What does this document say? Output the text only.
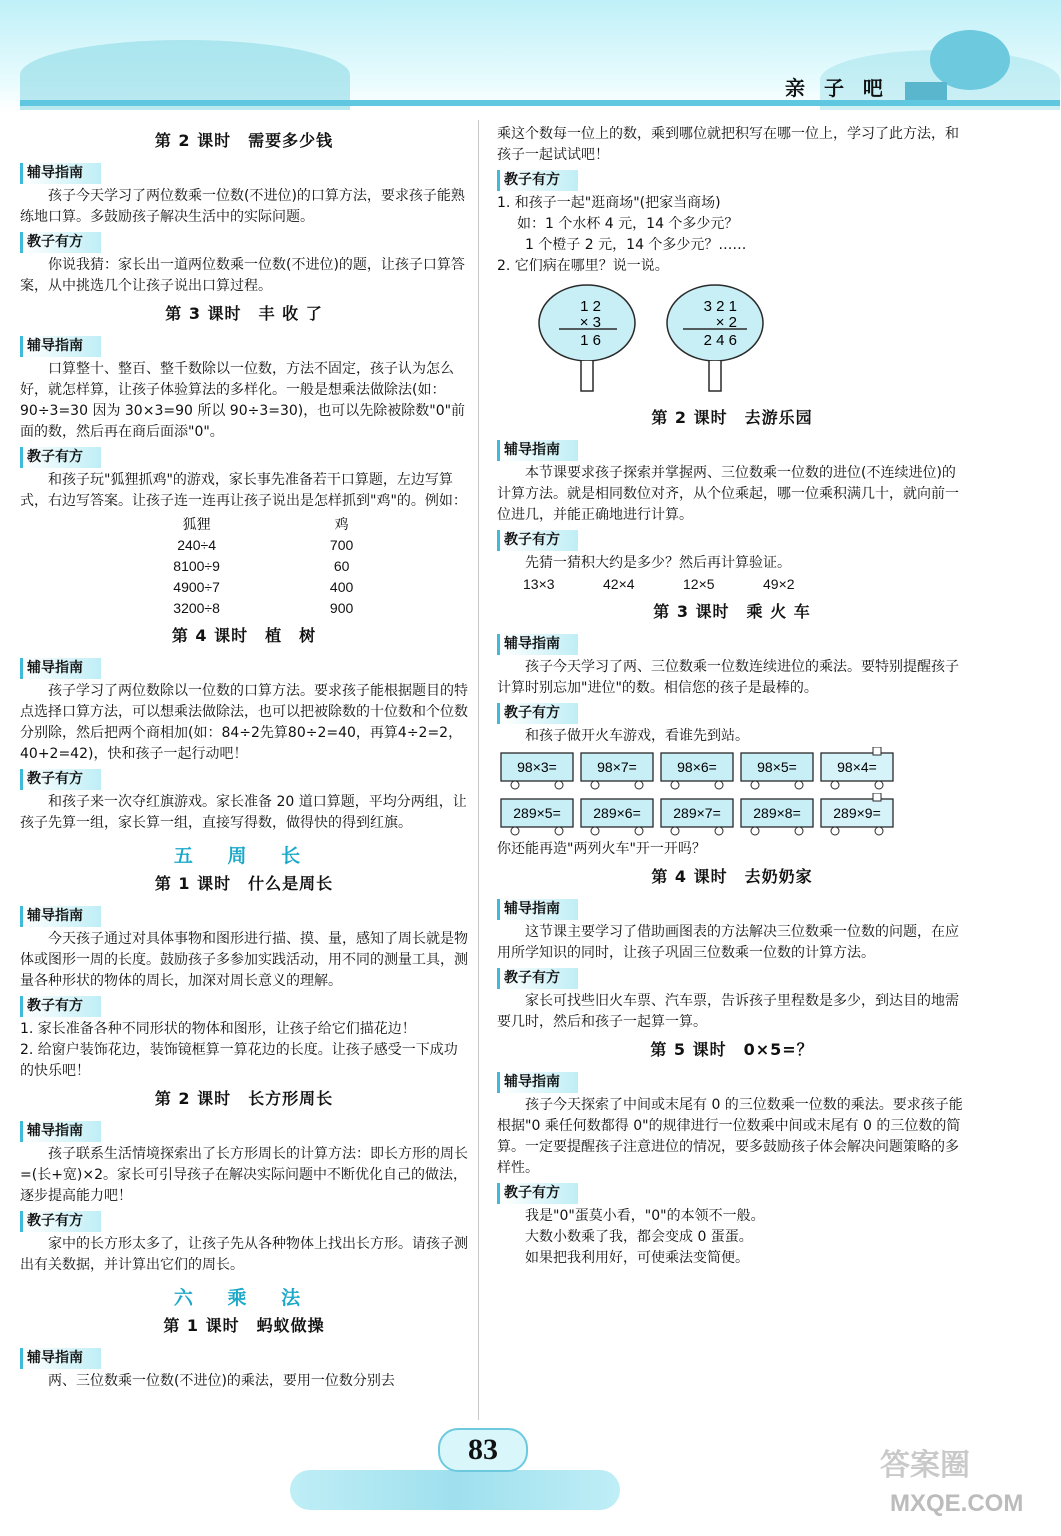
亲 子 吧
第 2 课时　需要多少钱
辅导指南

孩子今天学习了两位数乘一位数(不进位)的口算方法，要求孩子能熟练地口算。多鼓励孩子解决生活中的实际问题。

教子有方

你说我猜：家长出一道两位数乘一位数(不进位)的题，让孩子口算答案，从中挑选几个让孩子说出口算过程。

第 3 课时　丰 收 了
辅导指南

口算整十、整百、整千数除以一位数，方法不固定，孩子认为怎么好，就怎样算，让孩子体验算法的多样化。一般是想乘法做除法(如：90÷3=30 因为 30×3=90 所以 90÷3=30)，也可以先除被除数"0"前面的数，然后再在商后面添"0"。

教子有方

和孩子玩"狐狸抓鸡"的游戏，家长事先准备若干口算题，左边写算式，右边写答案。让孩子连一连再让孩子说出是怎样抓到"鸡"的。例如：

狐狸	鸡
240÷4	700
8100÷9	60
4900÷7	400
3200÷8	900
第 4 课时　植　树
辅导指南

孩子学习了两位数除以一位数的口算方法。要求孩子能根据题目的特点选择口算方法，可以想乘法做除法，也可以把被除数的十位数和个位数分别除，然后把两个商相加(如：84÷2先算80÷2=40，再算4÷2=2，40+2=42)，快和孩子一起行动吧！

教子有方

和孩子来一次夺红旗游戏。家长准备 20 道口算题，平均分两组，让孩子先算一组，家长算一组，直接写得数，做得快的得到红旗。

五 周 长
第 1 课时　什么是周长
辅导指南

今天孩子通过对具体事物和图形进行描、摸、量，感知了周长就是物体或图形一周的长度。鼓励孩子多参加实践活动，用不同的测量工具，测量各种形状的物体的周长，加深对周长意义的理解。

教子有方

1. 家长准备各种不同形状的物体和图形，让孩子给它们描花边！

2. 给窗户装饰花边，装饰镜框算一算花边的长度。让孩子感受一下成功的快乐吧！

第 2 课时　长方形周长
辅导指南

孩子联系生活情境探索出了长方形周长的计算方法：即长方形的周长=(长+宽)×2。家长可引导孩子在解决实际问题中不断优化自己的做法，逐步提高能力吧！

教子有方

家中的长方形太多了，让孩子先从各种物体上找出长方形。请孩子测出有关数据，并计算出它们的周长。

六 乘 法
第 1 课时　蚂蚁做操
辅导指南

两、三位数乘一位数(不进位)的乘法，要用一位数分别去

乘这个数每一位上的数，乘到哪位就把积写在哪一位上，学习了此方法，和孩子一起试试吧！

教子有方

1. 和孩子一起"逛商场"(把家当商场)

如：1 个水杯 4 元，14 个多少元？

1 个橙子 2 元，14 个多少元？……

2. 它们病在哪里？说一说。

1 2
× 3
1 6
3 2 1
× 2
2 4 6
第 2 课时　去游乐园
辅导指南

本节课要求孩子探索并掌握两、三位数乘一位数的进位(不连续进位)的计算方法。就是相同数位对齐，从个位乘起，哪一位乘积满几十，就向前一位进几，并能正确地进行计算。

教子有方

先猜一猜积大约是多少？然后再计算验证。

13×3	42×4	12×5	49×2
第 3 课时　乘 火 车
辅导指南

孩子今天学习了两、三位数乘一位数连续进位的乘法。要特别提醒孩子计算时别忘加"进位"的数。相信您的孩子是最棒的。

教子有方

和孩子做开火车游戏，看谁先到站。

98×3=	98×7=	98×6=	98×5=	98×4=
289×5= 289×6= 289×7= 289×8= 289×9=

你还能再造"两列火车"开一开吗？

第 4 课时　去奶奶家
辅导指南

这节课主要学习了借助画图表的方法解决三位数乘一位数的问题，在应用所学知识的同时，让孩子巩固三位数乘一位数的计算方法。

教子有方

家长可找些旧火车票、汽车票，告诉孩子里程数是多少，到达目的地需要几时，然后和孩子一起算一算。

第 5 课时　0×5=？
辅导指南

孩子今天探索了中间或末尾有 0 的三位数乘一位数的乘法。要求孩子能根据"0 乘任何数都得 0"的规律进行一位数乘中间或末尾有 0 的三位数的简算。一定要提醒孩子注意进位的情况，要多鼓励孩子体会解决问题策略的多样性。

教子有方

我是"0"蛋莫小看，"0"的本领不一般。

大数小数乘了我，都会变成 0 蛋蛋。

如果把我利用好，可使乘法变简便。

83	答案圈
MXQE.COM
